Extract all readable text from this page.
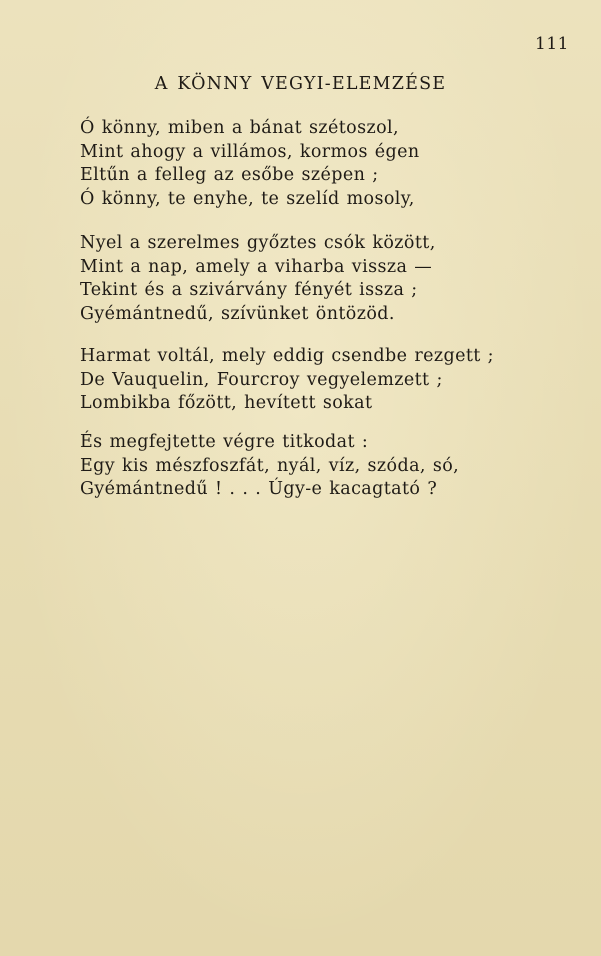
111
A KÖNNY VEGYI-ELEMZÉSE
Ó könny, miben a bánat szétoszol,
Mint ahogy a villámos, kormos égen
Eltűn a felleg az esőbe szépen ;
Ó könny, te enyhe, te szelíd mosoly,
Nyel a szerelmes győztes csók között,
Mint a nap, amely a viharba vissza —
Tekint és a szivárvány fényét issza ;
Gyémántnedű, szívünket öntözöd.
Harmat voltál, mely eddig csendbe rezgett ;
De Vauquelin, Fourcroy vegyelemzett ;
Lombikba főzött, hevített sokat
És megfejtette végre titkodat :
Egy kis mészfoszfát, nyál, víz, szóda, só,
Gyémántnedű ! . . . Úgy-e kacagtató ?
